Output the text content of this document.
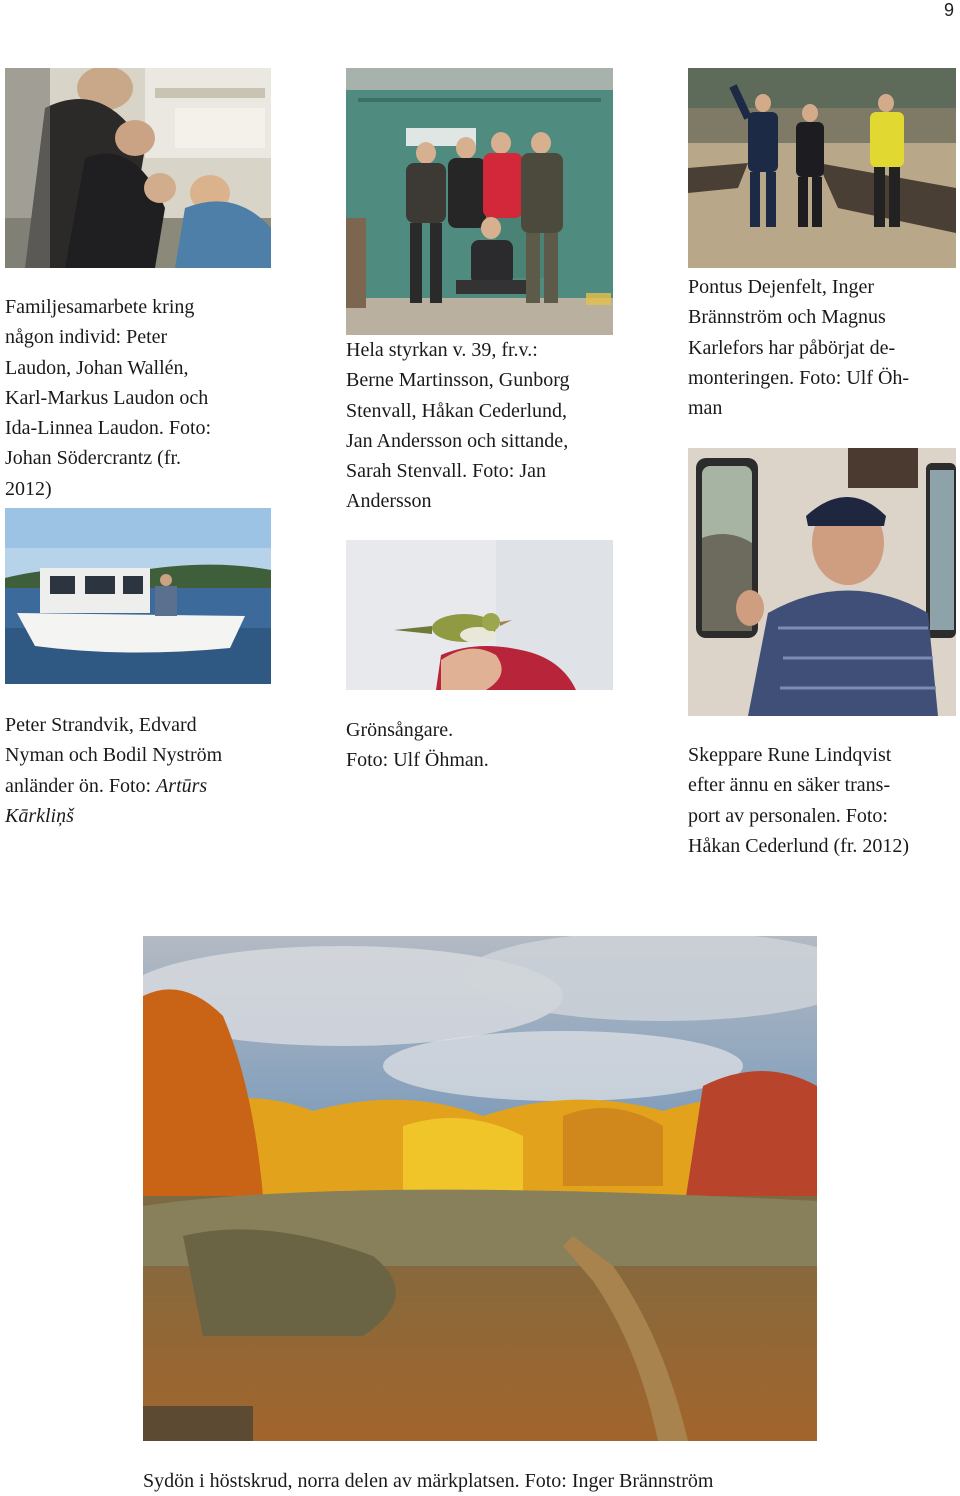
9
Familjesamarbete kring
någon individ: Peter
Laudon, Johan Wallén,
Karl-Markus Laudon och
Ida-Linnea Laudon. Foto:
Johan Södercrantz (fr.
2012)
Hela styrkan v. 39, fr.v.:
Berne Martinsson, Gunborg
Stenvall, Håkan Cederlund,
Jan Andersson och sittande,
Sarah Stenvall. Foto: Jan
Andersson
Pontus Dejenfelt, Inger
Brännström och Magnus
Karlefors har påbörjat de-
monteringen. Foto: Ulf Öh-
man
Peter Strandvik, Edvard
Nyman och Bodil Nyström
anländer ön. Foto: Artūrs
Kārkliņš
Grönsångare.
Foto: Ulf Öhman.	Skeppare Rune Lindqvist
efter ännu en säker trans-
port av personalen. Foto:
Håkan Cederlund (fr. 2012)
Sydön i höstskrud, norra delen av märkplatsen. Foto: Inger Brännström
